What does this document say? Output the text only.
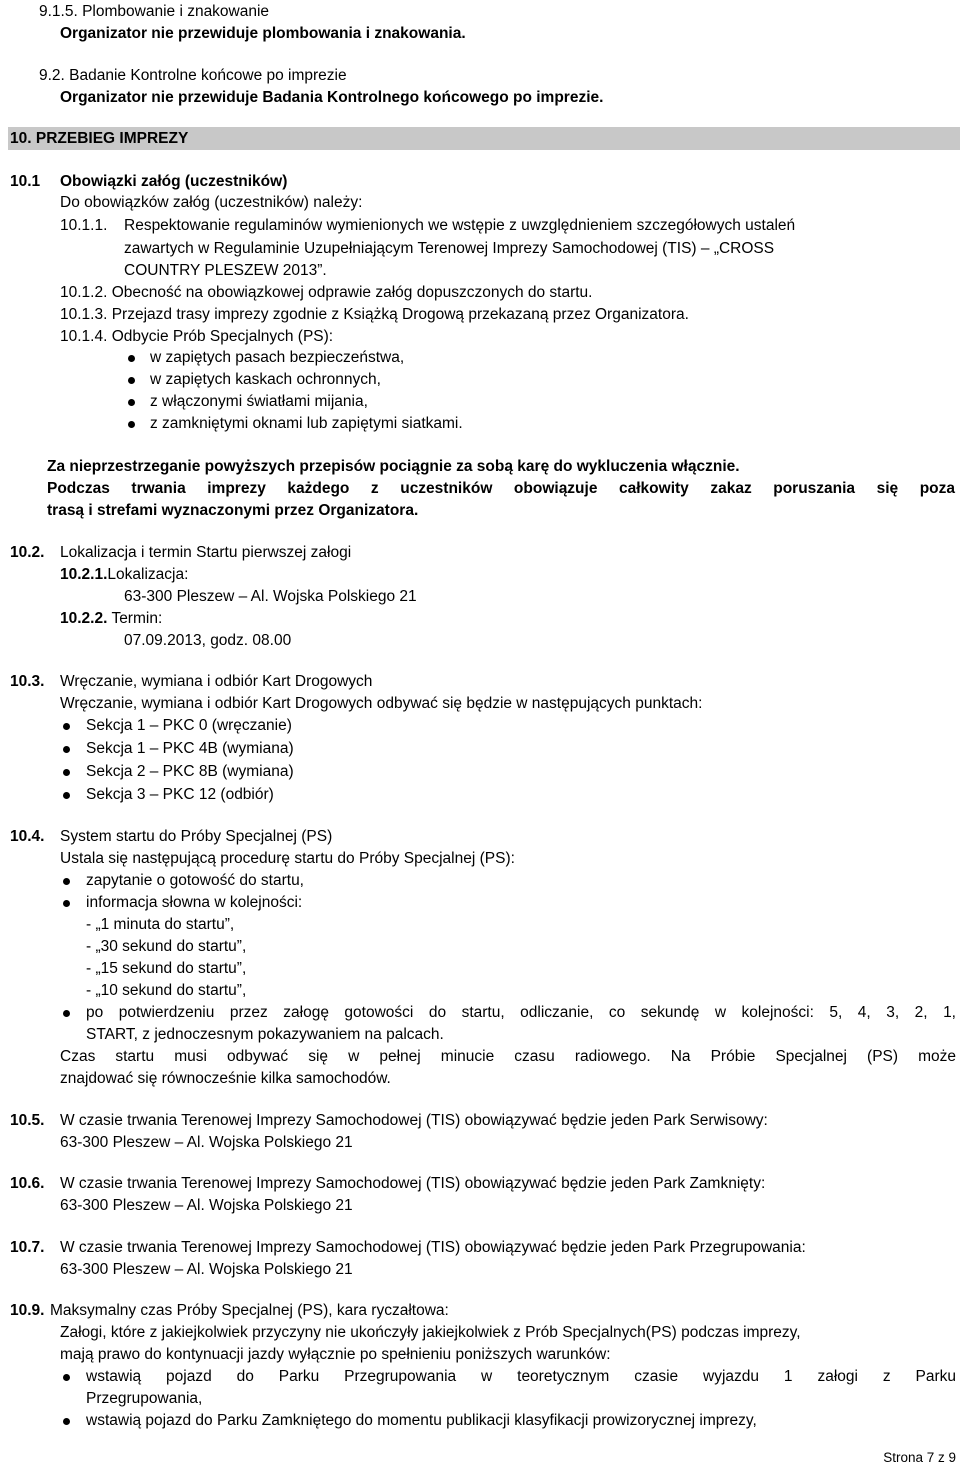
9.1.5. Plombowanie i znakowanie
Organizator nie przewiduje plombowania i znakowania.
9.2. Badanie Kontrolne końcowe po imprezie
Organizator nie przewiduje Badania Kontrolnego końcowego po imprezie.
10. PRZEBIEG IMPREZY
10.1 Obowiązki załóg (uczestników)
Do obowiązków załóg (uczestników) należy:
10.1.1. Respektowanie regulaminów wymienionych we wstępie z uwzględnieniem szczegółowych ustaleń
zawartych w Regulaminie Uzupełniającym Terenowej Imprezy Samochodowej (TIS) – „CROSS
COUNTRY PLESZEW 2013”.
10.1.2. Obecność na obowiązkowej odprawie załóg dopuszczonych do startu.
10.1.3. Przejazd trasy imprezy zgodnie z Książką Drogową przekazaną przez Organizatora.
10.1.4. Odbycie Prób Specjalnych (PS):
w zapiętych pasach bezpieczeństwa,
w zapiętych kaskach ochronnych,
z włączonymi światłami mijania,
z zamkniętymi oknami lub zapiętymi siatkami.
Za nieprzestrzeganie powyższych przepisów pociągnie za sobą karę do wykluczenia włącznie.
Podczas trwania imprezy każdego z uczestników obowiązuje całkowity zakaz poruszania się poza
trasą i strefami wyznaczonymi przez Organizatora.
10.2. Lokalizacja i termin Startu pierwszej załogi
10.2.1.Lokalizacja:
63-300 Pleszew – Al. Wojska Polskiego 21
10.2.2. Termin:
07.09.2013, godz. 08.00
10.3. Wręczanie, wymiana i odbiór Kart Drogowych
Wręczanie, wymiana i odbiór Kart Drogowych odbywać się będzie w następujących punktach:
Sekcja 1 – PKC 0 (wręczanie)
Sekcja 1 – PKC 4B (wymiana)
Sekcja 2 – PKC 8B (wymiana)
Sekcja 3 – PKC 12 (odbiór)
10.4. System startu do Próby Specjalnej (PS)
Ustala się następującą procedurę startu do Próby Specjalnej (PS):
zapytanie o gotowość do startu,
informacja słowna w kolejności:
- „1 minuta do startu”,
- „30 sekund do startu”,
- „15 sekund do startu”,
- „10 sekund do startu”,
po potwierdzeniu przez załogę gotowości do startu, odliczanie, co sekundę w kolejności: 5, 4, 3, 2, 1,
START, z jednoczesnym pokazywaniem na palcach.
Czas startu musi odbywać się w pełnej minucie czasu radiowego. Na Próbie Specjalnej (PS) może
znajdować się równocześnie kilka samochodów.
10.5. W czasie trwania Terenowej Imprezy Samochodowej (TIS) obowiązywać będzie jeden Park Serwisowy:
63-300 Pleszew – Al. Wojska Polskiego 21
10.6. W czasie trwania Terenowej Imprezy Samochodowej (TIS) obowiązywać będzie jeden Park Zamknięty:
63-300 Pleszew – Al. Wojska Polskiego 21
10.7. W czasie trwania Terenowej Imprezy Samochodowej (TIS) obowiązywać będzie jeden Park Przegrupowania:
63-300 Pleszew – Al. Wojska Polskiego 21
10.9. Maksymalny czas Próby Specjalnej (PS), kara ryczałtowa:
Załogi, które z jakiejkolwiek przyczyny nie ukończyły jakiejkolwiek z Prób Specjalnych(PS) podczas imprezy,
mają prawo do kontynuacji jazdy wyłącznie po spełnieniu poniższych warunków:
wstawią pojazd do Parku Przegrupowania w teoretycznym czasie wyjazdu 1 załogi z Parku
Przegrupowania,
wstawią pojazd do Parku Zamkniętego do momentu publikacji klasyfikacji prowizorycznej imprezy,
Strona 7 z 9
